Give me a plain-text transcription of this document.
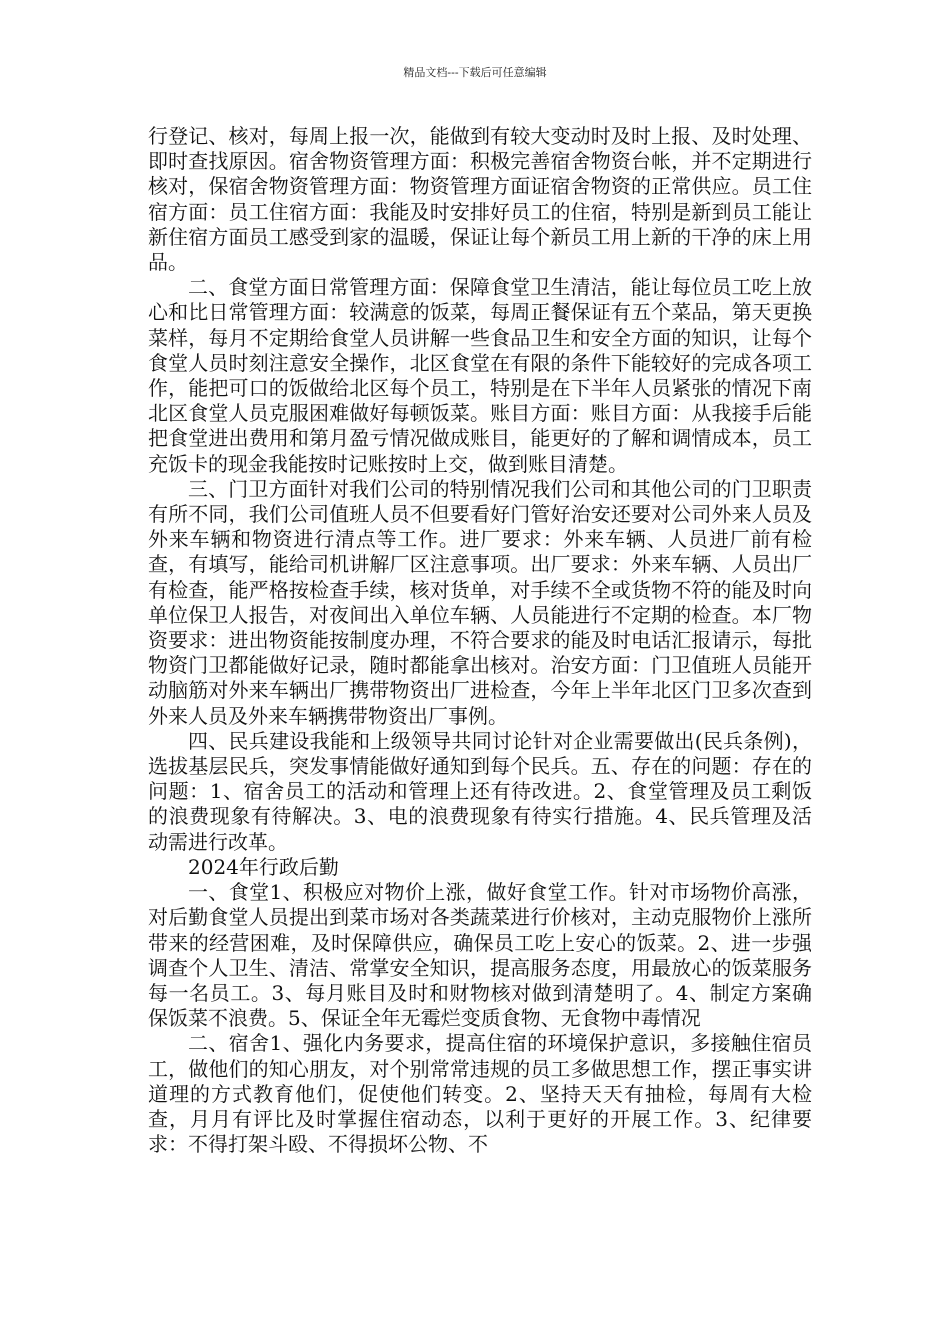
精品文档---下载后可任意编辑

行登记、核对，每周上报一次，能做到有较大变动时及时上报、及时处理、即时查找原因。宿舍物资管理方面：积极完善宿舍物资台帐，并不定期进行核对，保宿舍物资管理方面：物资管理方面证宿舍物资的正常供应。员工住宿方面：员工住宿方面：我能及时安排好员工的住宿，特别是新到员工能让新住宿方面员工感受到家的温暖，保证让每个新员工用上新的干净的床上用品。

二、食堂方面日常管理方面：保障食堂卫生清洁，能让每位员工吃上放心和比日常管理方面：较满意的饭菜，每周正餐保证有五个菜品，第天更换菜样，每月不定期给食堂人员讲解一些食品卫生和安全方面的知识，让每个食堂人员时刻注意安全操作，北区食堂在有限的条件下能较好的完成各项工作，能把可口的饭做给北区每个员工，特别是在下半年人员紧张的情况下南北区食堂人员克服困难做好每顿饭菜。账目方面：账目方面：从我接手后能把食堂进出费用和第月盈亏情况做成账目，能更好的了解和调情成本，员工充饭卡的现金我能按时记账按时上交，做到账目清楚。

三、门卫方面针对我们公司的特别情况我们公司和其他公司的门卫职责有所不同，我们公司值班人员不但要看好门管好治安还要对公司外来人员及外来车辆和物资进行清点等工作。进厂要求：外来车辆、人员进厂前有检查，有填写，能给司机讲解厂区注意事项。出厂要求：外来车辆、人员出厂有检查，能严格按检查手续，核对货单，对手续不全或货物不符的能及时向单位保卫人报告，对夜间出入单位车辆、人员能进行不定期的检查。本厂物资要求：进出物资能按制度办理，不符合要求的能及时电话汇报请示，每批物资门卫都能做好记录，随时都能拿出核对。治安方面：门卫值班人员能开动脑筋对外来车辆出厂携带物资出厂进检查，今年上半年北区门卫多次查到外来人员及外来车辆携带物资出厂事例。

四、民兵建设我能和上级领导共同讨论针对企业需要做出(民兵条例)，选拔基层民兵，突发事情能做好通知到每个民兵。五、存在的问题：存在的问题：1、宿舍员工的活动和管理上还有待改进。2、食堂管理及员工剩饭的浪费现象有待解决。3、电的浪费现象有待实行措施。4、民兵管理及活动需进行改革。

2024年行政后勤

一、食堂1、积极应对物价上涨，做好食堂工作。针对市场物价高涨，对后勤食堂人员提出到菜市场对各类蔬菜进行价核对，主动克服物价上涨所带来的经营困难，及时保障供应，确保员工吃上安心的饭菜。2、进一步强调查个人卫生、清洁、常掌安全知识，提高服务态度，用最放心的饭菜服务每一名员工。3、每月账目及时和财物核对做到清楚明了。4、制定方案确保饭菜不浪费。5、保证全年无霉烂变质食物、无食物中毒情况

二、宿舍1、强化内务要求，提高住宿的环境保护意识，多接触住宿员工，做他们的知心朋友，对个别常常违规的员工多做思想工作，摆正事实讲道理的方式教育他们，促使他们转变。2、坚持天天有抽检，每周有大检查，月月有评比及时掌握住宿动态，以利于更好的开展工作。3、纪律要求：不得打架斗殴、不得损坏公物、不
